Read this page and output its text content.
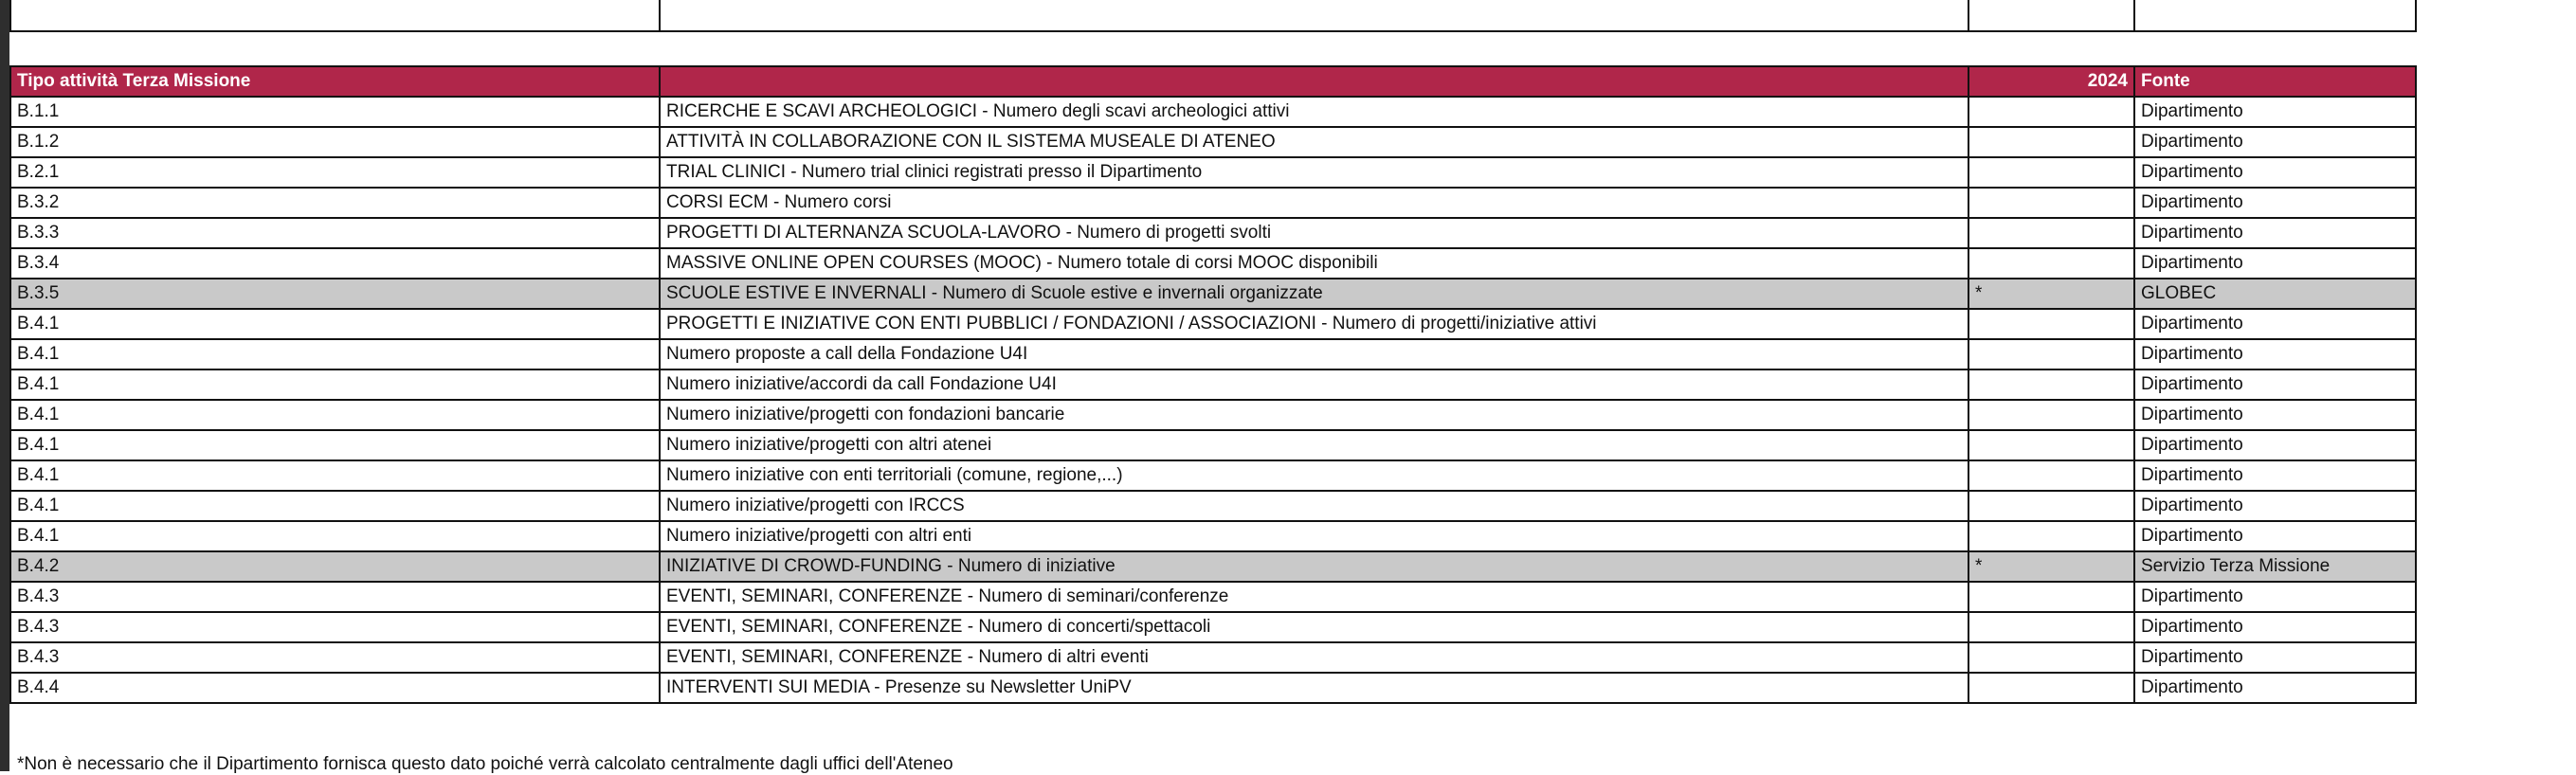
Tipo attività Terza Missione		2024	Fonte
B.1.1	RICERCHE E SCAVI ARCHEOLOGICI - Numero degli scavi archeologici attivi		Dipartimento
B.1.2	ATTIVITÀ IN COLLABORAZIONE CON IL SISTEMA MUSEALE DI ATENEO		Dipartimento
B.2.1	TRIAL CLINICI - Numero trial clinici registrati presso il Dipartimento		Dipartimento
B.3.2	CORSI ECM - Numero corsi		Dipartimento
B.3.3	PROGETTI DI ALTERNANZA SCUOLA-LAVORO - Numero di progetti svolti		Dipartimento
B.3.4	MASSIVE ONLINE OPEN COURSES (MOOC) - Numero totale di corsi MOOC disponibili		Dipartimento
B.3.5	SCUOLE ESTIVE E INVERNALI - Numero di Scuole estive e invernali organizzate	*	GLOBEC
B.4.1	PROGETTI E INIZIATIVE CON ENTI PUBBLICI / FONDAZIONI / ASSOCIAZIONI - Numero di progetti/iniziative attivi		Dipartimento
B.4.1	Numero proposte a call della Fondazione U4I		Dipartimento
B.4.1	Numero iniziative/accordi da call Fondazione U4I		Dipartimento
B.4.1	Numero iniziative/progetti con fondazioni bancarie		Dipartimento
B.4.1	Numero iniziative/progetti con altri atenei		Dipartimento
B.4.1	Numero iniziative con enti territoriali (comune, regione,...)		Dipartimento
B.4.1	Numero iniziative/progetti con IRCCS		Dipartimento
B.4.1	Numero iniziative/progetti con altri enti		Dipartimento
B.4.2	INIZIATIVE DI CROWD-FUNDING - Numero di iniziative	*	Servizio Terza Missione
B.4.3	EVENTI, SEMINARI, CONFERENZE - Numero di seminari/conferenze		Dipartimento
B.4.3	EVENTI, SEMINARI, CONFERENZE - Numero di concerti/spettacoli		Dipartimento
B.4.3	EVENTI, SEMINARI, CONFERENZE - Numero di altri eventi		Dipartimento
B.4.4	INTERVENTI SUI MEDIA - Presenze su Newsletter UniPV		Dipartimento
*Non è necessario che il Dipartimento fornisca questo dato poiché verrà calcolato centralmente dagli uffici dell'Ateneo
